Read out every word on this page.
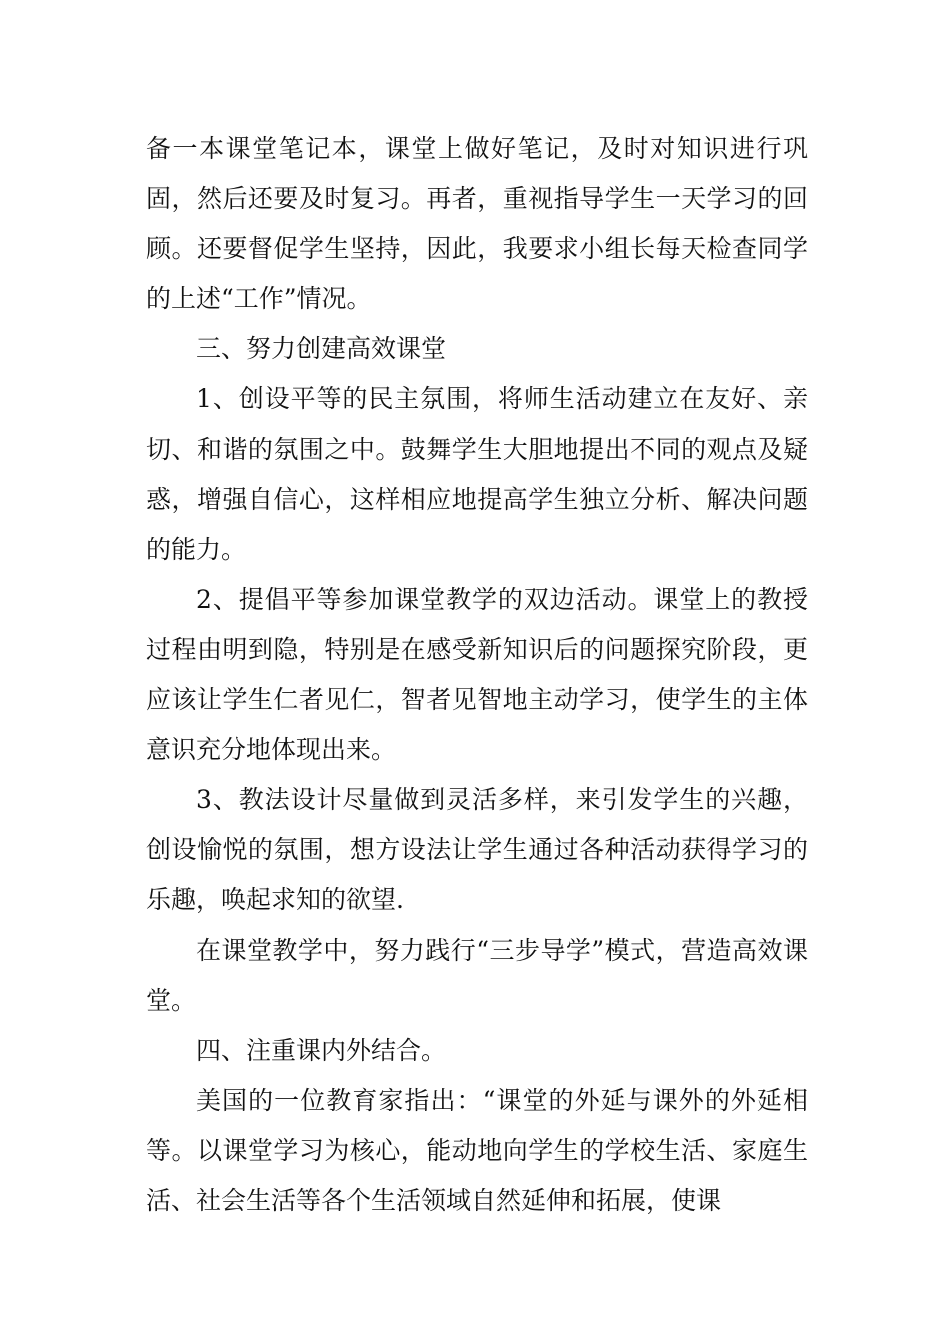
备一本课堂笔记本，课堂上做好笔记，及时对知识进行巩固，然后还要及时复习。再者，重视指导学生一天学习的回顾。还要督促学生坚持，因此，我要求小组长每天检查同学的上述“工作”情况。

三、努力创建高效课堂

1、创设平等的民主氛围，将师生活动建立在友好、亲切、和谐的氛围之中。鼓舞学生大胆地提出不同的观点及疑惑，增强自信心，这样相应地提高学生独立分析、解决问题的能力。

2、提倡平等参加课堂教学的双边活动。课堂上的教授过程由明到隐，特别是在感受新知识后的问题探究阶段，更应该让学生仁者见仁，智者见智地主动学习，使学生的主体意识充分地体现出来。

3、教法设计尽量做到灵活多样，来引发学生的兴趣，创设愉悦的氛围，想方设法让学生通过各种活动获得学习的乐趣，唤起求知的欲望.

在课堂教学中，努力践行“三步导学”模式，营造高效课堂。

四、注重课内外结合。

美国的一位教育家指出：“课堂的外延与课外的外延相等。以课堂学习为核心，能动地向学生的学校生活、家庭生活、社会生活等各个生活领域自然延伸和拓展，使课
